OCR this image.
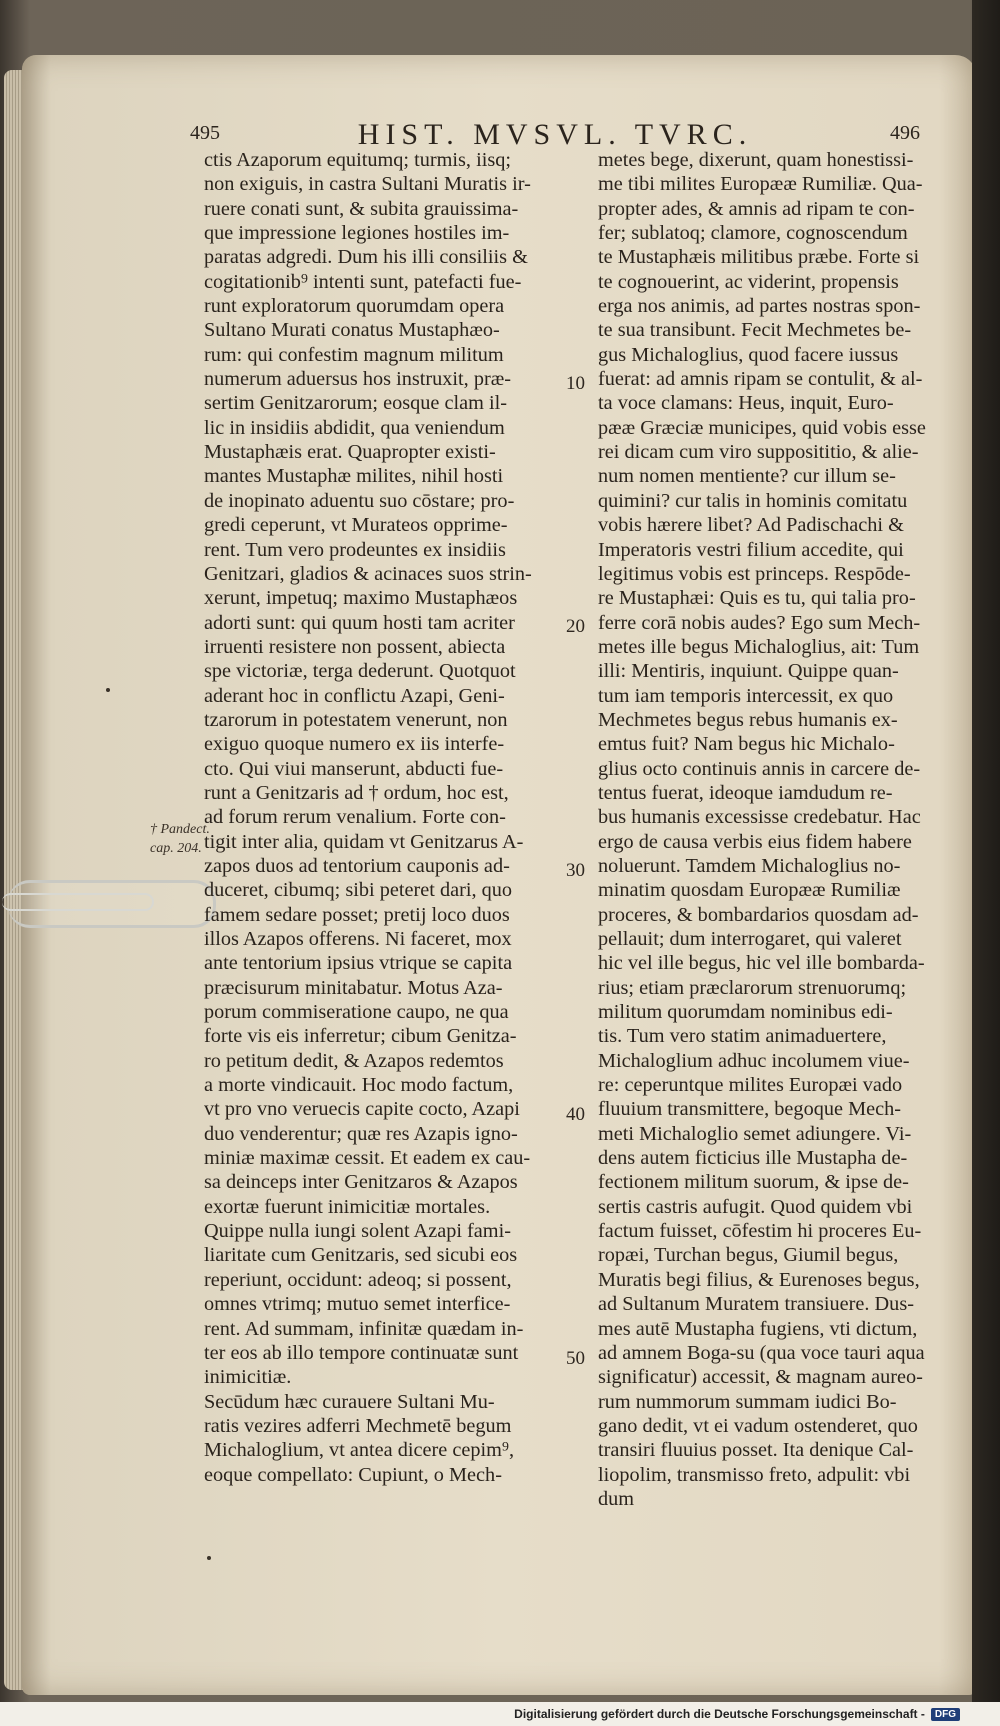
495	HIST. MVSVL. TVRC.	496
ctis Azaporum equitumq; turmis, iisq;
non exiguis, in castra Sultani Muratis ir-
ruere conati sunt, & subita grauissima-
que impressione legiones hostiles im-
paratas adgredi. Dum his illi consiliis &
cogitationib⁹ intenti sunt, patefacti fue-
runt exploratorum quorumdam opera
Sultano Murati conatus Mustaphæo-
rum: qui confestim magnum militum
numerum aduersus hos instruxit, præ-
sertim Genitzarorum; eosque clam il-
lic in insidiis abdidit, qua veniendum
Mustaphæis erat. Quapropter existi-
mantes Mustaphæ milites, nihil hosti
de inopinato aduentu suo cōstare; pro-
gredi ceperunt, vt Murateos opprime-
rent. Tum vero prodeuntes ex insidiis
Genitzari, gladios & acinaces suos strin-
xerunt, impetuq; maximo Mustaphæos
adorti sunt: qui quum hosti tam acriter
irruenti resistere non possent, abiecta
spe victoriæ, terga dederunt. Quotquot
aderant hoc in conflictu Azapi, Geni-
tzarorum in potestatem venerunt, non
exiguo quoque numero ex iis interfe-
cto. Qui viui manserunt, abducti fue-
runt a Genitzaris ad † ordum, hoc est,
ad forum rerum venalium. Forte con-
tigit inter alia, quidam vt Genitzarus A-
zapos duos ad tentorium cauponis ad-
duceret, cibumq; sibi peteret dari, quo
famem sedare posset; pretij loco duos
illos Azapos offerens. Ni faceret, mox
ante tentorium ipsius vtrique se capita
præcisurum minitabatur. Motus Aza-
porum commiseratione caupo, ne qua
forte vis eis inferretur; cibum Genitza-
ro petitum dedit, & Azapos redemtos
a morte vindicauit. Hoc modo factum,
vt pro vno veruecis capite cocto, Azapi
duo venderentur; quæ res Azapis igno-
miniæ maximæ cessit. Et eadem ex cau-
sa deinceps inter Genitzaros & Azapos
exortæ fuerunt inimicitiæ mortales.
Quippe nulla iungi solent Azapi fami-
liaritate cum Genitzaris, sed sicubi eos
reperiunt, occidunt: adeoq; si possent,
omnes vtrimq; mutuo semet interfice-
rent. Ad summam, infinitæ quædam in-
ter eos ab illo tempore continuatæ sunt
inimicitiæ.
Secūdum hæc curauere Sultani Mu-
ratis vezires adferri Mechmetē begum
Michaloglium, vt antea dicere cepim⁹,
eoque compellato: Cupiunt, o Mech-
metes bege, dixerunt, quam honestissi-
me tibi milites Europææ Rumiliæ. Qua-
propter ades, & amnis ad ripam te con-
fer; sublatoq; clamore, cognoscendum
te Mustaphæis militibus præbe. Forte si
te cognouerint, ac viderint, propensis
erga nos animis, ad partes nostras spon-
te sua transibunt. Fecit Mechmetes be-
gus Michaloglius, quod facere iussus
fuerat: ad amnis ripam se contulit, & al-
ta voce clamans: Heus, inquit, Euro-
pææ Græciæ municipes, quid vobis esse
rei dicam cum viro supposititio, & alie-
num nomen mentiente? cur illum se-
quimini? cur talis in hominis comitatu
vobis hærere libet? Ad Padischachi &
Imperatoris vestri filium accedite, qui
legitimus vobis est princeps. Respōde-
re Mustaphæi: Quis es tu, qui talia pro-
ferre corā nobis audes? Ego sum Mech-
metes ille begus Michaloglius, ait: Tum
illi: Mentiris, inquiunt. Quippe quan-
tum iam temporis intercessit, ex quo
Mechmetes begus rebus humanis ex-
emtus fuit? Nam begus hic Michalo-
glius octo continuis annis in carcere de-
tentus fuerat, ideoque iamdudum re-
bus humanis excessisse credebatur. Hac
ergo de causa verbis eius fidem habere
noluerunt. Tamdem Michaloglius no-
minatim quosdam Europææ Rumiliæ
proceres, & bombardarios quosdam ad-
pellauit; dum interrogaret, qui valeret
hic vel ille begus, hic vel ille bombarda-
rius; etiam præclarorum strenuorumq;
militum quorumdam nominibus edi-
tis. Tum vero statim animaduertere,
Michaloglium adhuc incolumem viue-
re: ceperuntque milites Europæi vado
fluuium transmittere, begoque Mech-
meti Michaloglio semet adiungere. Vi-
dens autem ficticius ille Mustapha de-
fectionem militum suorum, & ipse de-
sertis castris aufugit. Quod quidem vbi
factum fuisset, cōfestim hi proceres Eu-
ropæi, Turchan begus, Giumil begus,
Muratis begi filius, & Eurenoses begus,
ad Sultanum Muratem transiuere. Dus-
mes autē Mustapha fugiens, vti dictum,
ad amnem Boga-su (qua voce tauri aqua
significatur) accessit, & magnam aureo-
rum nummorum summam iudici Bo-
gano dedit, vt ei vadum ostenderet, quo
transiri fluuius posset. Ita denique Cal-
liopolim, transmisso freto, adpulit: vbi
dum
10
20
30
40
50
† Pandect.
cap. 204.
Digitalisierung gefördert durch die Deutsche Forschungsgemeinschaft -	DFG
